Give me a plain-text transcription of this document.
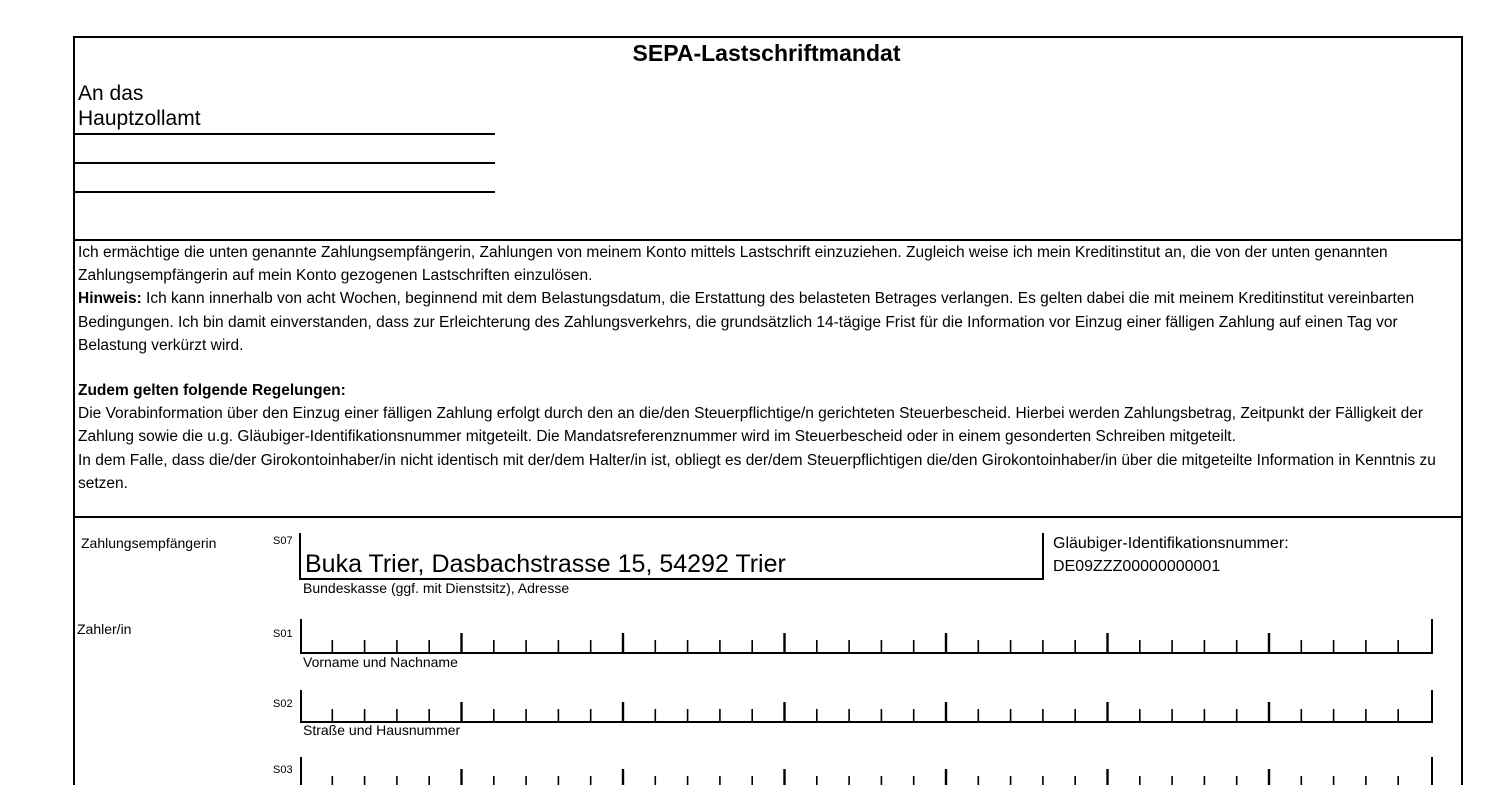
SEPA-Lastschriftmandat
An das
Hauptzollamt

Ich ermächtige die unten genannte Zahlungsempfängerin, Zahlungen von meinem Konto mittels Lastschrift einzuziehen. Zugleich weise ich mein Kreditinstitut an, die von der unten genannten Zahlungsempfängerin auf mein Konto gezogenen Lastschriften einzulösen.

Hinweis: Ich kann innerhalb von acht Wochen, beginnend mit dem Belastungsdatum, die Erstattung des belasteten Betrages verlangen. Es gelten dabei die mit meinem Kreditinstitut vereinbarten Bedingungen. Ich bin damit einverstanden, dass zur Erleichterung des Zahlungsverkehrs, die grundsätzlich 14-tägige Frist für die Information vor Einzug einer fälligen Zahlung auf einen Tag vor Belastung verkürzt wird.

Zudem gelten folgende Regelungen:

Die Vorabinformation über den Einzug einer fälligen Zahlung erfolgt durch den an die/den Steuerpflichtige/n gerichteten Steuerbescheid. Hierbei werden Zahlungsbetrag, Zeitpunkt der Fälligkeit der Zahlung sowie die u.g. Gläubiger-Identifikationsnummer mitgeteilt. Die Mandatsreferenznummer wird im Steuerbescheid oder in einem gesonderten Schreiben mitgeteilt.

In dem Falle, dass die/der Girokontoinhaber/in nicht identisch mit der/dem Halter/in ist, obliegt es der/dem Steuerpflichtigen die/den Girokontoinhaber/in über die mitgeteilte Information in Kenntnis zu setzen.

Zahlungsempfängerin	S07
Buka Trier, Dasbachstrasse 15, 54292 Trier
Bundeskasse (ggf. mit Dienstsitz), Adresse
Gläubiger-Identifikationsnummer:
DE09ZZZ00000000001
Zahler/in	S01
Vorname und Nachname
S02
Straße und Hausnummer
S03
